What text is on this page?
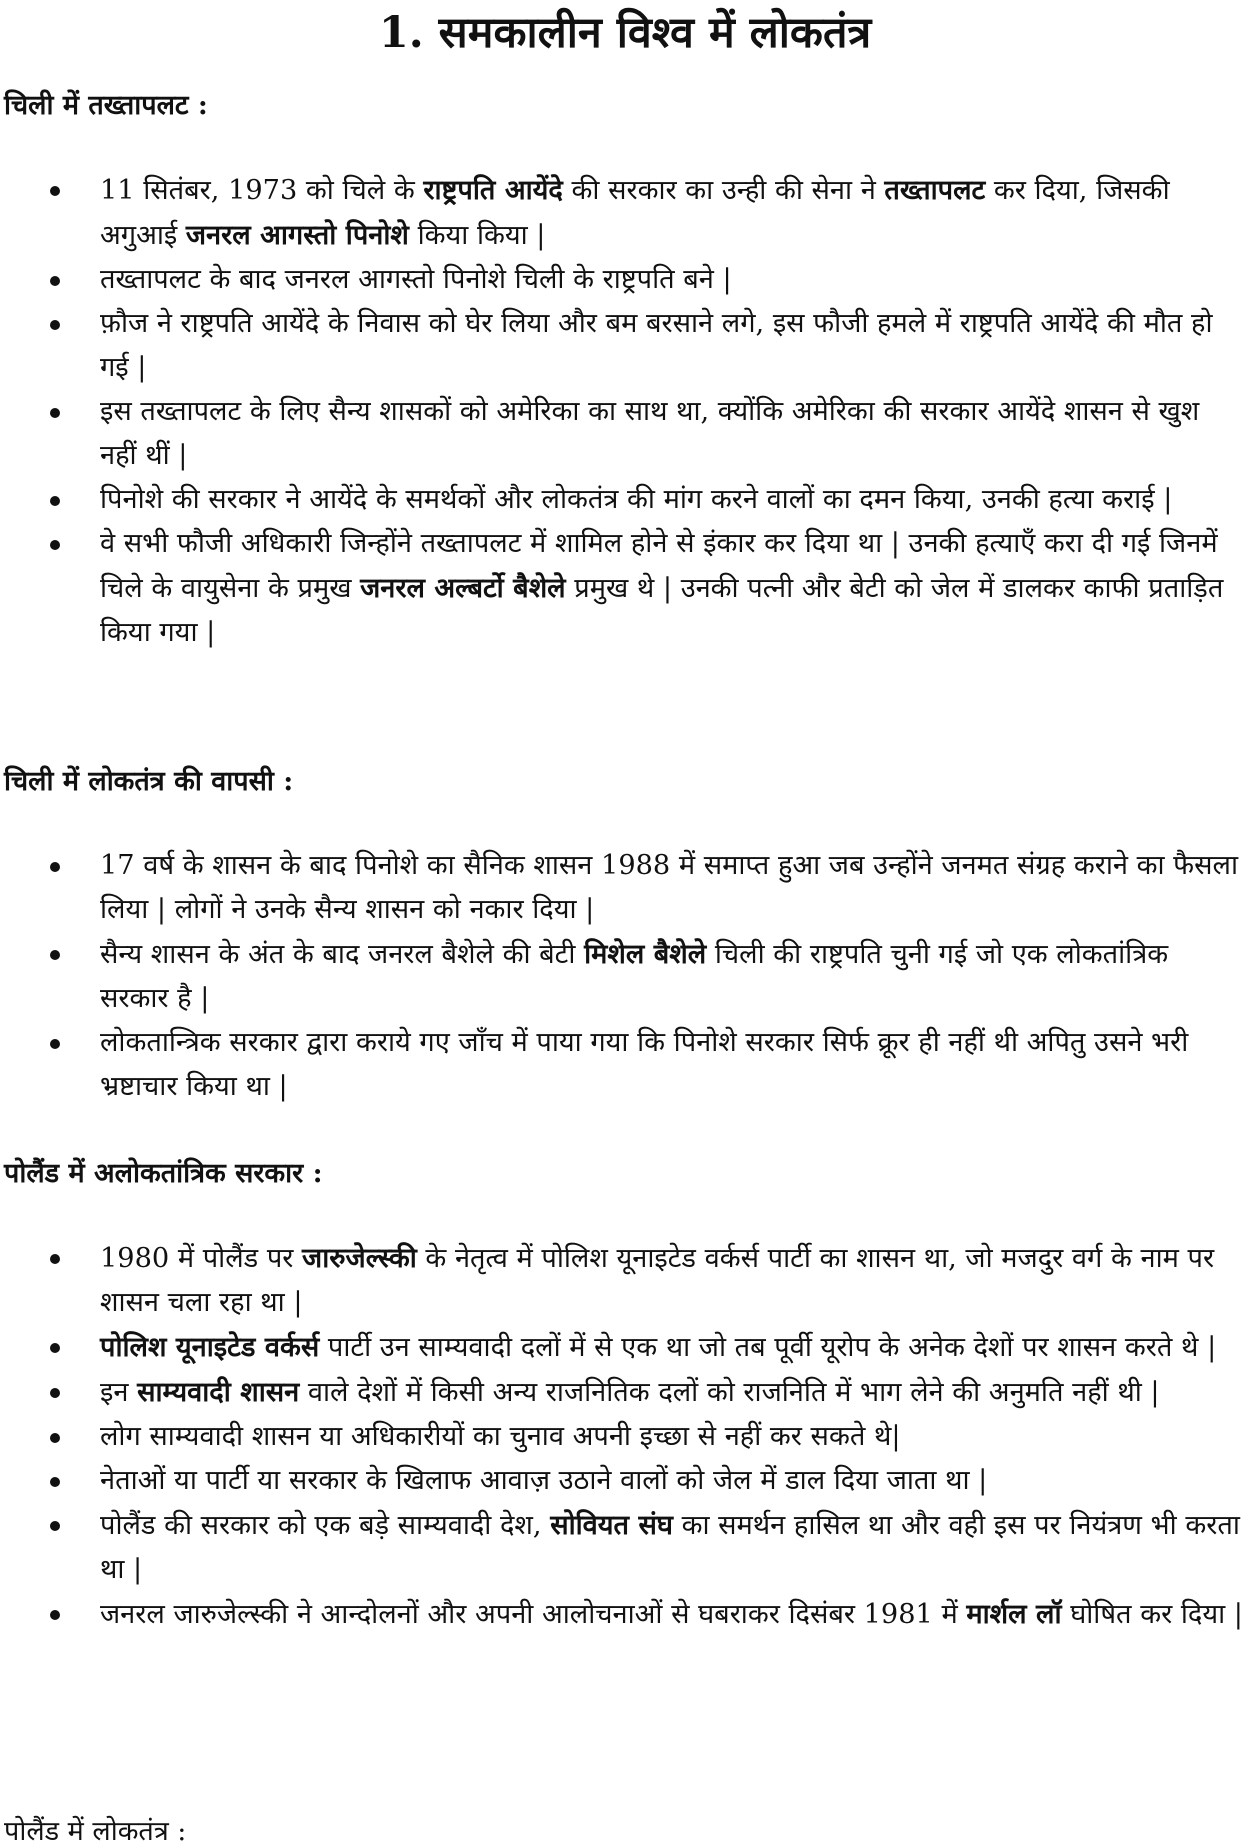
1. समकालीन विश्व में लोकतंत्र
चिली में तख्तापलट :
11 सितंबर, 1973 को चिले के राष्ट्रपति आयेंदे की सरकार का उन्ही की सेना ने तख्तापलट कर दिया, जिसकी अगुआई जनरल आगस्तो पिनोशे किया किया |
तख्तापलट के बाद जनरल आगस्तो पिनोशे चिली के राष्ट्रपति बने |
फ़ौज ने राष्ट्रपति आयेंदे के निवास को घेर लिया और बम बरसाने लगे, इस फौजी हमले में राष्ट्रपति आयेंदे की मौत हो गई |
इस तख्तापलट के लिए सैन्य शासकों को अमेरिका का साथ था, क्योंकि अमेरिका की सरकार आयेंदे शासन से खुश नहीं थीं |
पिनोशे की सरकार ने आयेंदे के समर्थकों और लोकतंत्र की मांग करने वालों का दमन किया, उनकी हत्या कराई |
वे सभी फौजी अधिकारी जिन्होंने तख्तापलट में शामिल होने से इंकार कर दिया था | उनकी हत्याएँ करा दी गई जिनमें चिले के वायुसेना के प्रमुख जनरल अल्बर्टो बैशेले प्रमुख थे | उनकी पत्नी और बेटी को जेल में डालकर काफी प्रताड़ित किया गया |
चिली में लोकतंत्र की वापसी :
17 वर्ष के शासन के बाद पिनोशे का सैनिक शासन 1988 में समाप्त हुआ जब उन्होंने जनमत संग्रह कराने का फैसला लिया | लोगों ने उनके सैन्य शासन को नकार दिया |
सैन्य शासन के अंत के बाद जनरल बैशेले की बेटी मिशेल बैशेले चिली की राष्ट्रपति चुनी गई जो एक लोकतांत्रिक सरकार है |
लोकतान्त्रिक सरकार द्वारा कराये गए जाँच में पाया गया कि पिनोशे सरकार सिर्फ क्रूर ही नहीं थी अपितु उसने भरी भ्रष्टाचार किया था |
पोलैंड में अलोकतांत्रिक सरकार :
1980 में पोलैंड पर जारुजेल्स्की के नेतृत्व में पोलिश यूनाइटेड वर्कर्स पार्टी का शासन था, जो मजदुर वर्ग के नाम पर शासन चला रहा था |
पोलिश यूनाइटेड वर्कर्स पार्टी उन साम्यवादी दलों में से एक था जो तब पूर्वी यूरोप के अनेक देशों पर शासन करते थे |
इन साम्यवादी शासन वाले देशों में किसी अन्य राजनितिक दलों को राजनिति में भाग लेने की अनुमति नहीं थी |
लोग साम्यवादी शासन या अधिकारीयों का चुनाव अपनी इच्छा से नहीं कर सकते थे|
नेताओं या पार्टी या सरकार के खिलाफ आवाज़ उठाने वालों को जेल में डाल दिया जाता था |
पोलैंड की सरकार को एक बड़े साम्यवादी देश, सोवियत संघ का समर्थन हासिल था और वही इस पर नियंत्रण भी करता था |
जनरल जारुजेल्स्की ने आन्दोलनों और अपनी आलोचनाओं से घबराकर दिसंबर 1981 में मार्शल लॉ घोषित कर दिया |
पोलैंड में लोकतंत्र :
